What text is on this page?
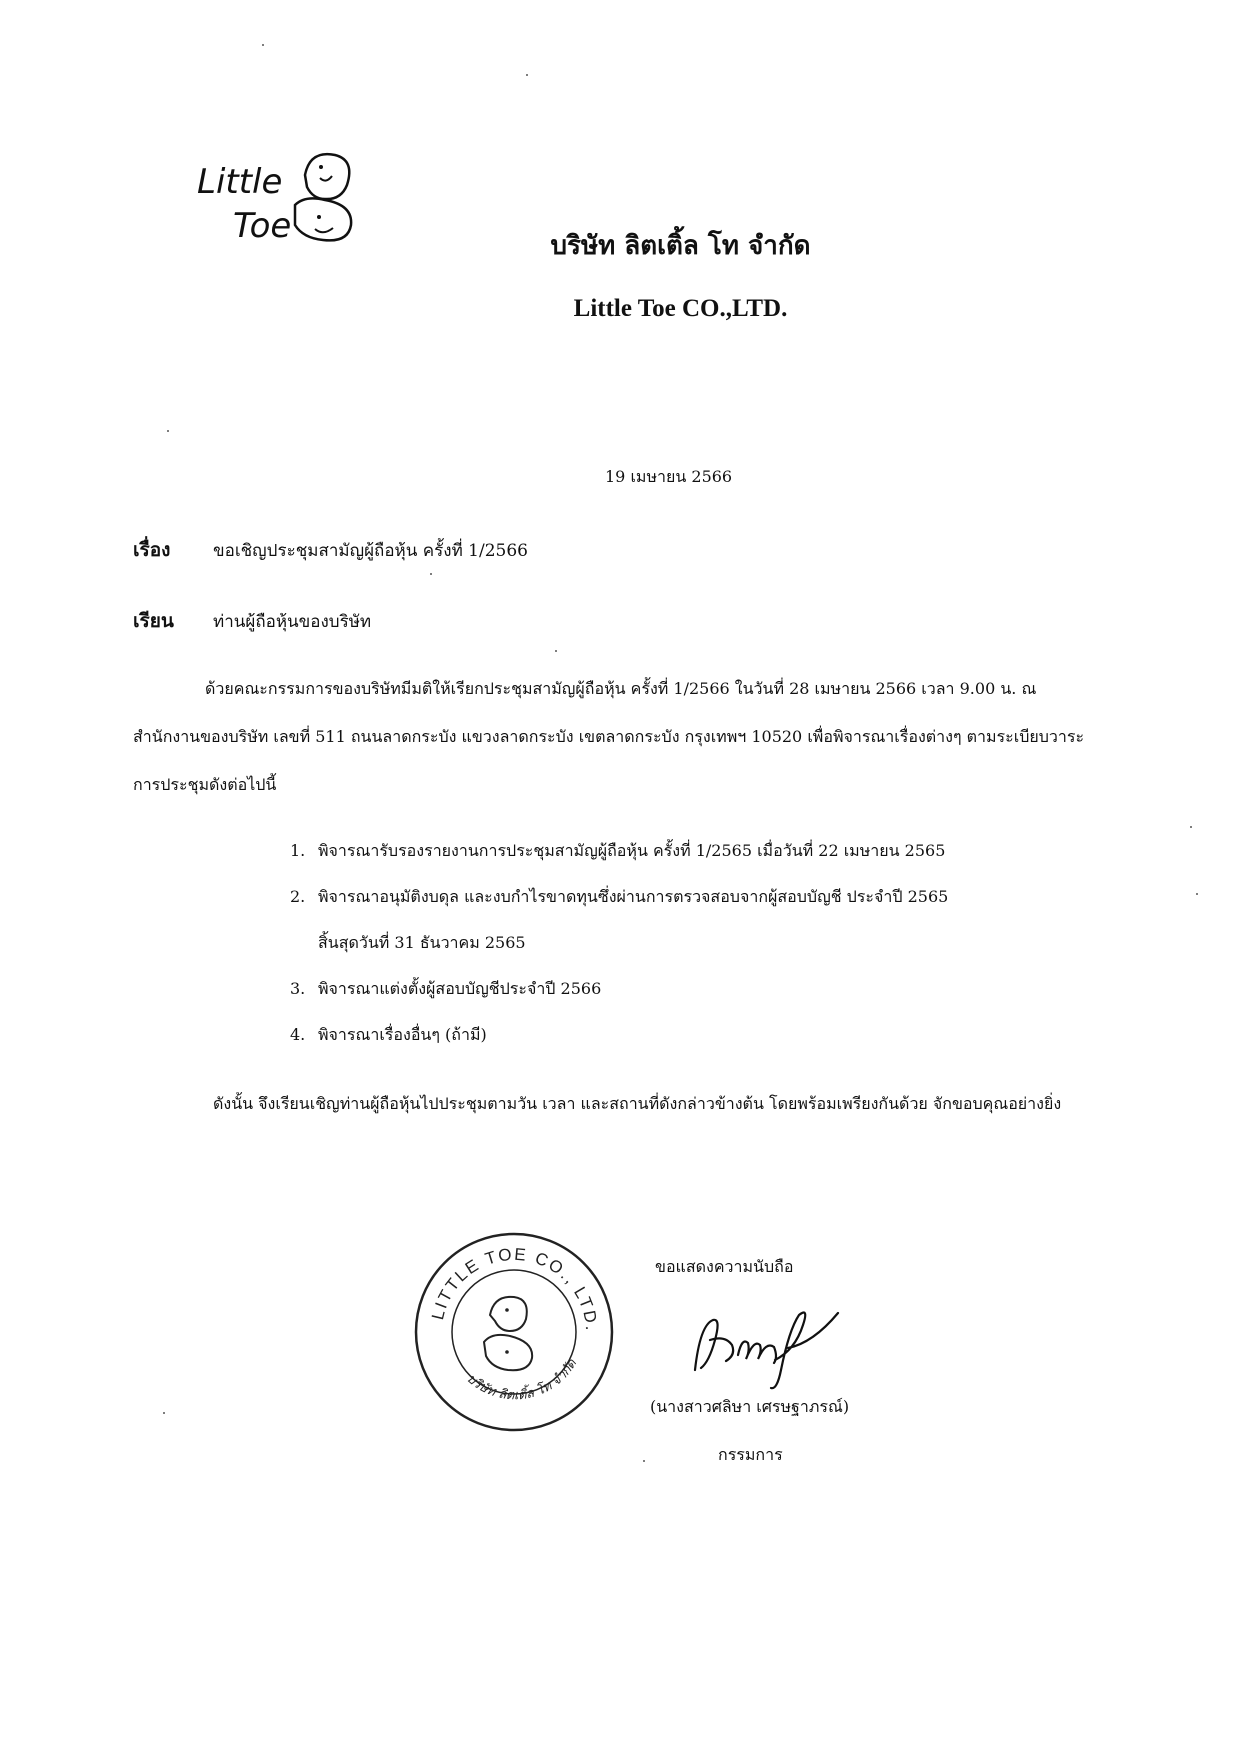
Little
Toe	บริษัท ลิตเติ้ล โท จำกัด
Little Toe CO.,LTD.
19 เมษายน 2566
เรื่อง	ขอเชิญประชุมสามัญผู้ถือหุ้น ครั้งที่ 1/2566
เรียน ท่านผู้ถือหุ้นของบริษัท
ด้วยคณะกรรมการของบริษัทมีมติให้เรียกประชุมสามัญผู้ถือหุ้น ครั้งที่ 1/2566 ในวันที่ 28 เมษายน 2566 เวลา 9.00 น. ณ สำนักงานของบริษัท เลขที่ 511 ถนนลาดกระบัง แขวงลาดกระบัง เขตลาดกระบัง กรุงเทพฯ 10520 เพื่อพิจารณาเรื่องต่างๆ ตามระเบียบวาระการประชุมดังต่อไปนี้
1. พิจารณารับรองรายงานการประชุมสามัญผู้ถือหุ้น ครั้งที่ 1/2565 เมื่อวันที่ 22 เมษายน 2565
2. พิจารณาอนุมัติงบดุล และงบกำไรขาดทุนซึ่งผ่านการตรวจสอบจากผู้สอบบัญชี ประจำปี 2565
สิ้นสุดวันที่ 31 ธันวาคม 2565
3. พิจารณาแต่งตั้งผู้สอบบัญชีประจำปี 2566
4. พิจารณาเรื่องอื่นๆ (ถ้ามี)
ดังนั้น จึงเรียนเชิญท่านผู้ถือหุ้นไปประชุมตามวัน เวลา และสถานที่ดังกล่าวข้างต้น โดยพร้อมเพรียงกันด้วย จักขอบคุณอย่างยิ่ง
LITTLE TOE CO., LTD.
บริษัท ลิตเติ้ล โท จำกัด
ขอแสดงความนับถือ
(นางสาวศลิษา เศรษฐาภรณ์)
กรรมการ
